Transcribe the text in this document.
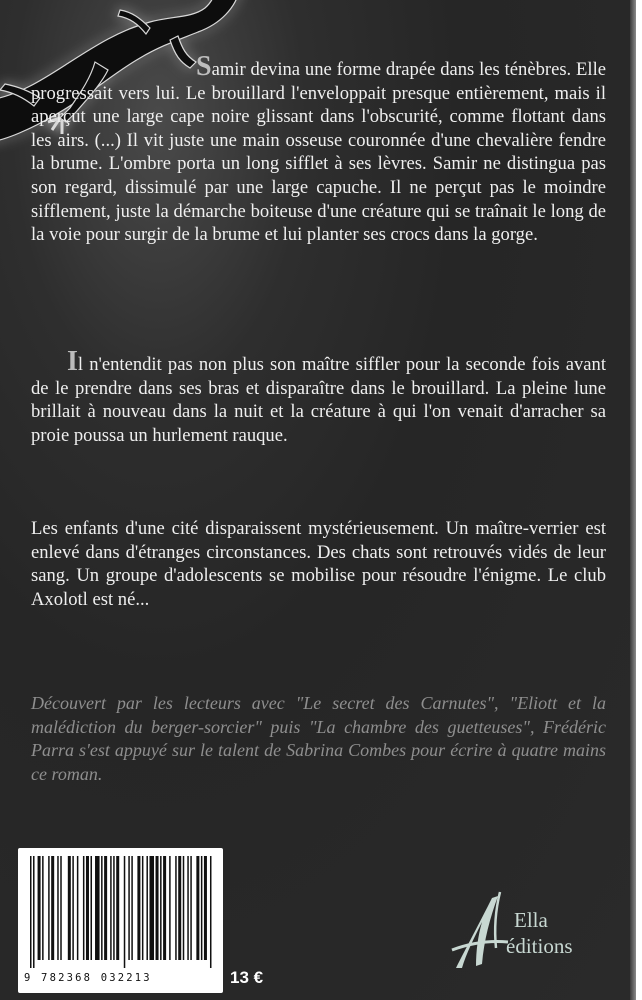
Samir devina une forme drapée dans les ténèbres. Elle progressait vers lui. Le brouillard l'enveloppait presque entièrement, mais il aperçut une large cape noire glissant dans l'obscurité, comme flottant dans les airs. (...) Il vit juste une main osseuse couronnée d'une chevalière fendre la brume. L'ombre porta un long sifflet à ses lèvres. Samir ne distingua pas son regard, dissimulé par une large capuche. Il ne perçut pas le moindre sifflement, juste la démarche boiteuse d'une créature qui se traînait le long de la voie pour surgir de la brume et lui planter ses crocs dans la gorge.

Il n'entendit pas non plus son maître siffler pour la seconde fois avant de le prendre dans ses bras et disparaître dans le brouillard. La pleine lune brillait à nouveau dans la nuit et la créature à qui l'on venait d'arracher sa proie poussa un hurlement rauque.

Les enfants d'une cité disparaissent mystérieusement. Un maître-verrier est enlevé dans d'étranges circonstances. Des chats sont retrouvés vidés de leur sang. Un groupe d'adolescents se mobilise pour résoudre l'énigme. Le club Axolotl est né...

Découvert par les lecteurs avec "Le secret des Carnutes", "Eliott et la malédiction du berger-sorcier" puis "La chambre des guetteuses", Frédéric Parra s'est appuyé sur le talent de Sabrina Combes pour écrire à quatre mains ce roman.

9 782368 032213	13 €
Ella
éditions
